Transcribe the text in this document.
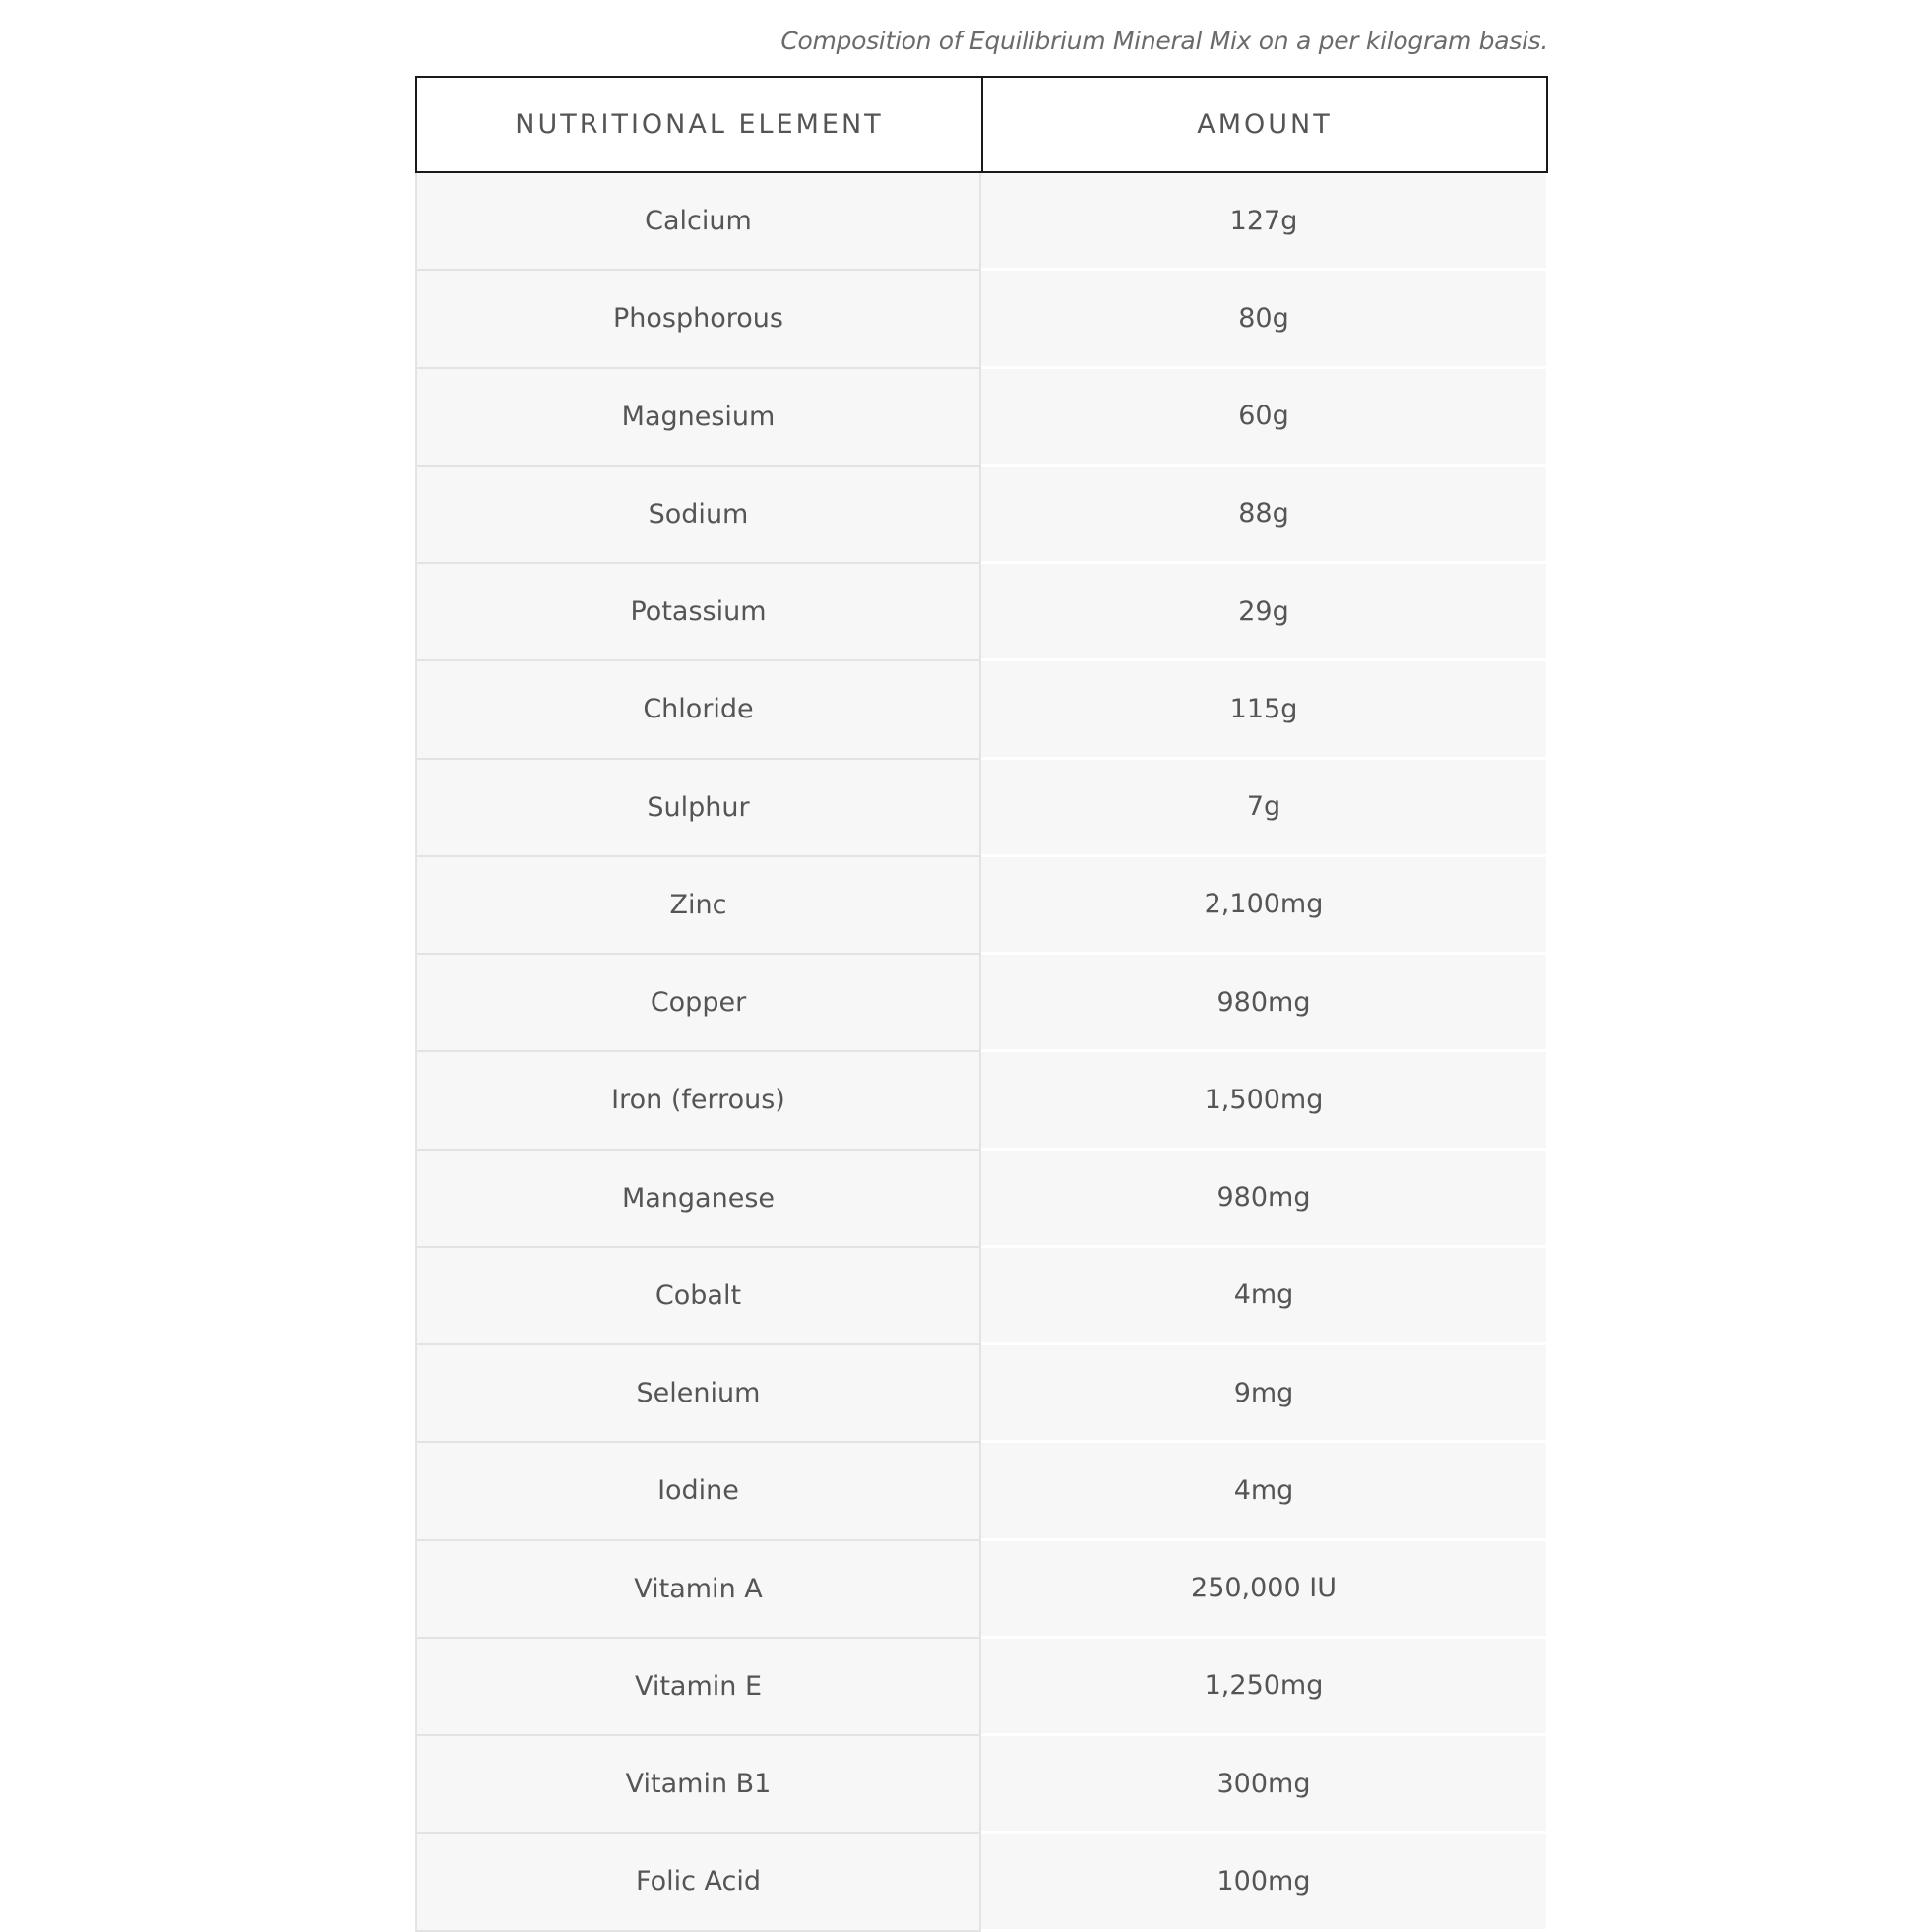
Composition of Equilibrium Mineral Mix on a per kilogram basis.
NUTRITIONAL ELEMENT	AMOUNT
Calcium	127g
Phosphorous	80g
Magnesium	60g
Sodium	88g
Potassium	29g
Chloride	115g
Sulphur	7g
Zinc	2,100mg
Copper	980mg
Iron (ferrous)	1,500mg
Manganese	980mg
Cobalt	4mg
Selenium	9mg
Iodine	4mg
Vitamin A	250,000 IU
Vitamin E	1,250mg
Vitamin B1	300mg
Folic Acid	100mg
